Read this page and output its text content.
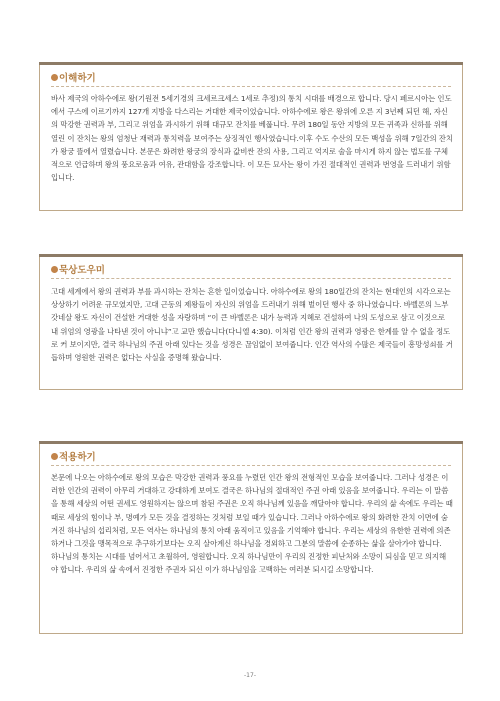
이해하기

바사 제국의 아하수에로 왕(기원전 5세기경의 크세르크세스 1세로 추정)의 통치 시대를 배경으로 합니다. 당시 페르시아는 인도에서 구스에 이르기까지 127개 지방을 다스리는 거대한 제국이었습니다. 아하수에로 왕은 왕위에 오른 지 3년째 되던 해, 자신의 막강한 권력과 부, 그리고 위엄을 과시하기 위해 대규모 잔치를 베풉니다. 무려 180일 동안 지방의 모든 귀족과 신하를 위해 열린 이 잔치는 왕의 엄청난 재력과 통치력을 보여주는 상징적인 행사였습니다.이후 수도 수산의 모든 백성을 위해 7일간의 잔치가 왕궁 뜰에서 열렸습니다. 본문은 화려한 왕궁의 장식과 값비싼 잔의 사용, 그리고 억지로 술을 마시게 하지 않는 법도를 구체적으로 언급하며 왕의 풍요로움과 여유, 관대함을 강조합니다. 이 모든 묘사는 왕이 가진 절대적인 권력과 번영을 드러내기 위함입니다.

묵상도우미

고대 세계에서 왕의 권력과 부를 과시하는 잔치는 흔한 일이었습니다. 아하수에로 왕의 180일간의 잔치는 현대인의 시각으로는 상상하기 어려운 규모였지만, 고대 근동의 제왕들이 자신의 위엄을 드러내기 위해 벌이던 행사 중 하나였습니다. 바벨론의 느부갓네살 왕도 자신이 건설한 거대한 성을 자랑하며 “이 큰 바벨론은 내가 능력과 지혜로 건설하여 나의 도성으로 삼고 이것으로 내 위엄의 영광을 나타낸 것이 아니냐”고 교만 했습니다(다니엘 4:30). 이처럼 인간 왕의 권력과 영광은 한계를 알 수 없을 정도로 커 보이지만, 결국 하나님의 주권 아래 있다는 것을 성경은 끊임없이 보여줍니다. 인간 역사의 수많은 제국들이 흥망성쇠를 거듭하며 영원한 권력은 없다는 사실을 증명해 왔습니다.

적용하기

본문에 나오는 아하수에로 왕의 모습은 막강한 권력과 풍요를 누렸던 인간 왕의 전형적인 모습을 보여줍니다. 그러나 성경은 이러한 인간의 권력이 아무리 거대하고 강대하게 보여도 결국은 하나님의 절대적인 주권 아래 있음을 보여줍니다. 우리는 이 말씀을 통해 세상의 어떤 권세도 영원하지는 않으며 참된 주권은 오직 하나님께 있음을 깨달아야 합니다. 우리의 삶 속에도 우리는 때때로 세상의 힘이나 부, 명예가 모든 것을 결정하는 것처럼 보일 때가 있습니다. 그러나 아하수에로 왕의 화려한 잔치 이면에 숨겨진 하나님의 섭리처럼, 모든 역사는 하나님의 통치 아래 움직이고 있음을 기억해야 합니다. 우리는 세상의 유한한 권력에 의존하거나 그것을 맹목적으로 추구하기보다는 오직 살아계신 하나님을 경외하고 그분의 말씀에 순종하는 삶을 살아가야 합니다.

하나님의 통치는 시대를 넘어서고 초월하여, 영원합니다. 오직 하나님만이 우리의 진정한 피난처와 소망이 되심을 믿고 의지해야 합니다. 우리의 삶 속에서 진정한 주권자 되신 이가 하나님임을 고백하는 여러분 되시길 소망합니다.

-17-
